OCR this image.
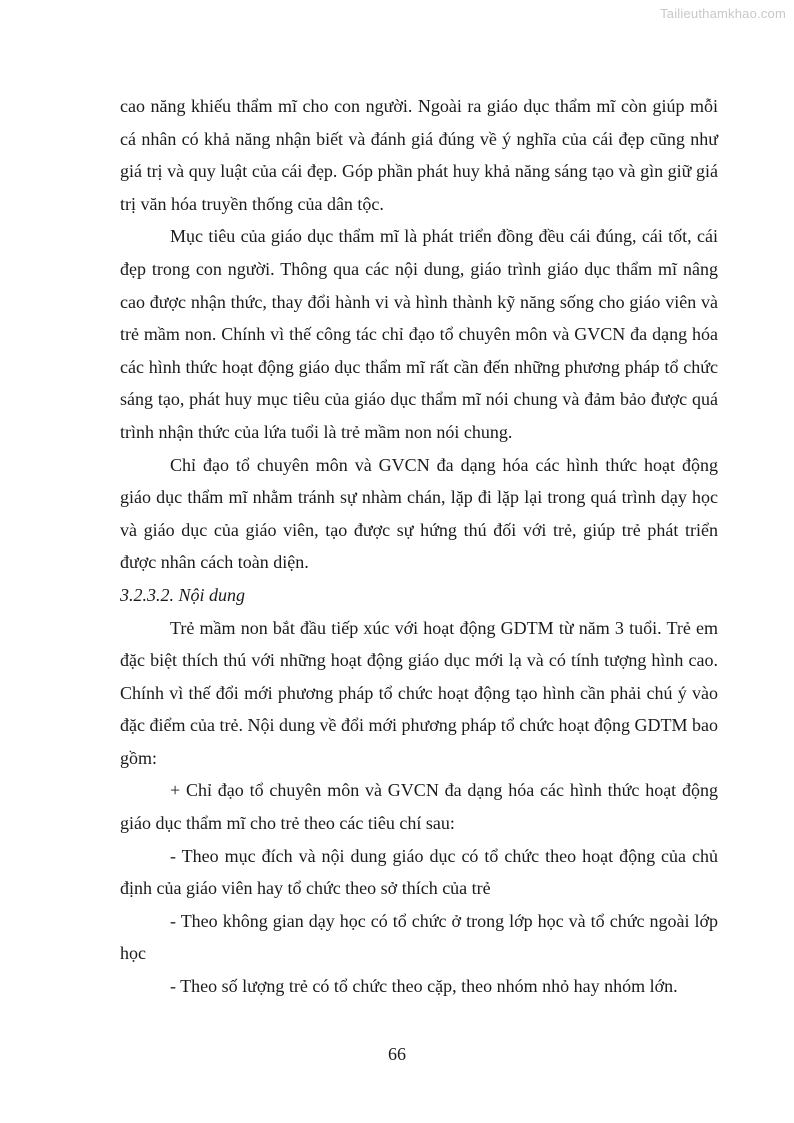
Tailieuthamkhao.com

cao năng khiếu thẩm mĩ cho con người. Ngoài ra giáo dục thẩm mĩ còn giúp mỗi cá nhân có khả năng nhận biết và đánh giá đúng về ý nghĩa của cái đẹp cũng như giá trị và quy luật của cái đẹp. Góp phần phát huy khả năng sáng tạo và gìn giữ giá trị văn hóa truyền thống của dân tộc.

Mục tiêu của giáo dục thẩm mĩ là phát triển đồng đều cái đúng, cái tốt, cái đẹp trong con người. Thông qua các nội dung, giáo trình giáo dục thẩm mĩ nâng cao được nhận thức, thay đổi hành vi và hình thành kỹ năng sống cho giáo viên và trẻ mầm non. Chính vì thế công tác chỉ đạo tổ chuyên môn và GVCN đa dạng hóa các hình thức hoạt động giáo dục thẩm mĩ rất cần đến những phương pháp tổ chức sáng tạo, phát huy mục tiêu của giáo dục thẩm mĩ nói chung và đảm bảo được quá trình nhận thức của lứa tuổi là trẻ mầm non nói chung.

Chỉ đạo tổ chuyên môn và GVCN đa dạng hóa các hình thức hoạt động giáo dục thẩm mĩ nhằm tránh sự nhàm chán, lặp đi lặp lại trong quá trình dạy học và giáo dục của giáo viên, tạo được sự hứng thú đối với trẻ, giúp trẻ phát triển được nhân cách toàn diện.

3.2.3.2. Nội dung

Trẻ mầm non bắt đầu tiếp xúc với hoạt động GDTM từ năm 3 tuổi. Trẻ em đặc biệt thích thú với những hoạt động giáo dục mới lạ và có tính tượng hình cao. Chính vì thế đổi mới phương pháp tổ chức hoạt động tạo hình cần phải chú ý vào đặc điểm của trẻ. Nội dung về đổi mới phương pháp tổ chức hoạt động GDTM bao gồm:

+ Chỉ đạo tổ chuyên môn và GVCN đa dạng hóa các hình thức hoạt động giáo dục thẩm mĩ cho trẻ theo các tiêu chí sau:

- Theo mục đích và nội dung giáo dục có tổ chức theo hoạt động của chủ định của giáo viên hay tổ chức theo sở thích của trẻ

- Theo không gian dạy học có tổ chức ở trong lớp học và tổ chức ngoài lớp học

- Theo số lượng trẻ có tổ chức theo cặp, theo nhóm nhỏ hay nhóm lớn.

66
